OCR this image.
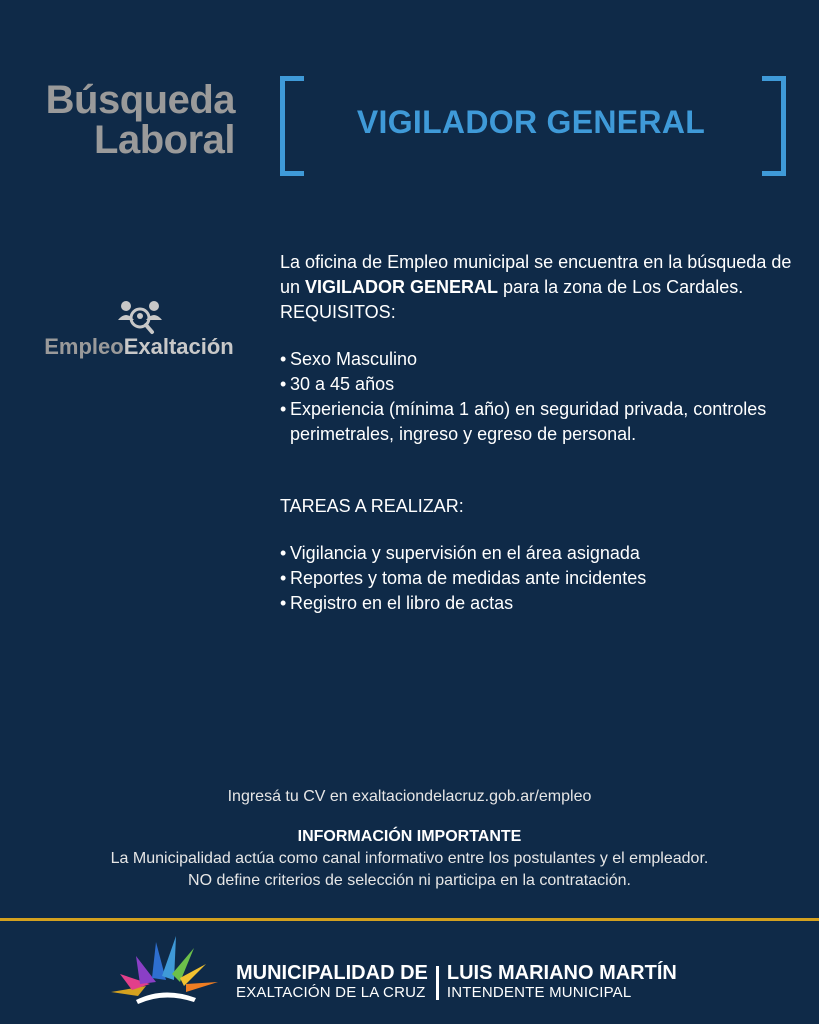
Búsqueda
Laboral	VIGILADOR GENERAL
EmpleoExaltación

La oficina de Empleo municipal se encuentra en la búsqueda de un VIGILADOR GENERAL para la zona de Los Cardales.

REQUISITOS:

• Sexo Masculino
• 30 a 45 años
• Experiencia (mínima 1 año) en seguridad privada, controles perimetrales, ingreso y egreso de personal.

TAREAS A REALIZAR:

• Vigilancia y supervisión en el área asignada
• Reportes y toma de medidas ante incidentes
• Registro en el libro de actas
Ingresá tu CV en exaltaciondelacruz.gob.ar/empleo
INFORMACIÓN IMPORTANTE
La Municipalidad actúa como canal informativo entre los postulantes y el empleador.
NO define criterios de selección ni participa en la contratación.
MUNICIPALIDAD DE
EXALTACIÓN DE LA CRUZ
LUIS MARIANO MARTÍN
INTENDENTE MUNICIPAL
